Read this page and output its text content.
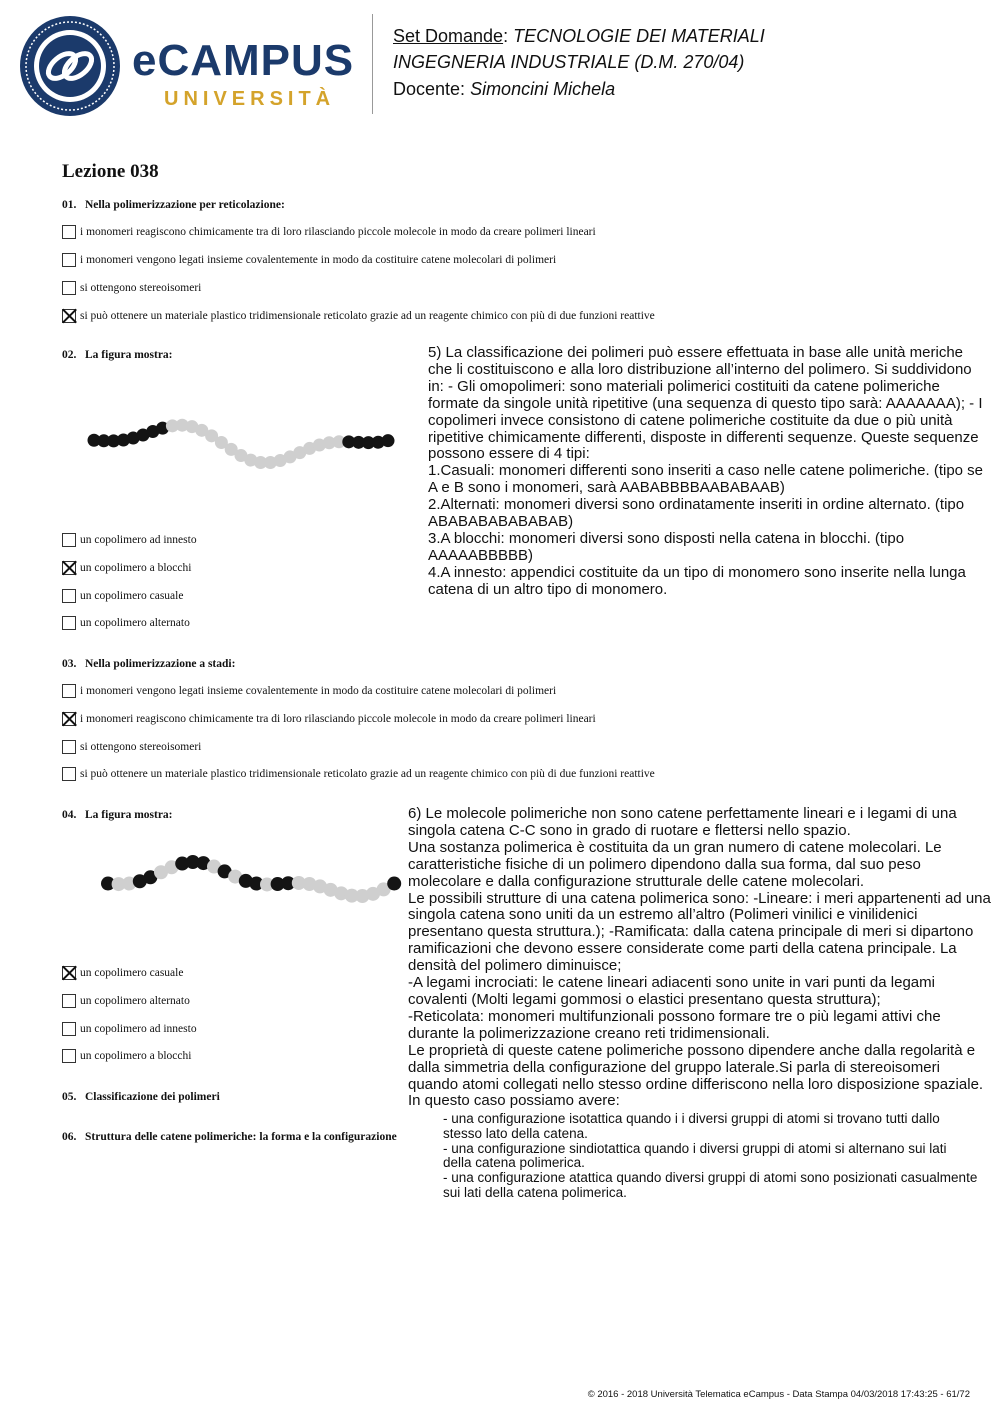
eCAMPUS
UNIVERSITÀ
Set Domande: TECNOLOGIE DEI MATERIALI
INGEGNERIA INDUSTRIALE (D.M. 270/04)
Docente: Simoncini Michela
Lezione 038
01. Nella polimerizzazione per reticolazione:
i monomeri reagiscono chimicamente tra di loro rilasciando piccole molecole in modo da creare polimeri lineari
i monomeri vengono legati insieme covalentemente in modo da costituire catene molecolari di polimeri
si ottengono stereoisomeri
si può ottenere un materiale plastico tridimensionale reticolato grazie ad un reagente chimico con più di due funzioni reattive
02. La figura mostra:
un copolimero ad innesto
un copolimero a blocchi
un copolimero casuale
un copolimero alternato

5) La classificazione dei polimeri può essere effettuata in base alle unità meriche che li costituiscono e alla loro distribuzione all’interno del polimero. Si suddividono in: - Gli omopolimeri: sono materiali polimerici costituiti da catene polimeriche formate da singole unità ripetitive (una sequenza di questo tipo sarà: AAAAAAA); - I copolimeri invece consistono di catene polimeriche costituite da due o più unità ripetitive chimicamente differenti, disposte in differenti sequenze. Queste sequenze possono essere di 4 tipi:

1.Casuali: monomeri differenti sono inseriti a caso nelle catene polimeriche. (tipo se A e B sono i monomeri, sarà AABABBBBAABABAAB)

2.Alternati: monomeri diversi sono ordinatamente inseriti in ordine alternato. (tipo ABABABABABABAB)

3.A blocchi: monomeri diversi sono disposti nella catena in blocchi. (tipo AAAAABBBBB)

4.A innesto: appendici costituite da un tipo di monomero sono inserite nella lunga catena di un altro tipo di monomero.

03. Nella polimerizzazione a stadi:
i monomeri vengono legati insieme covalentemente in modo da costituire catene molecolari di polimeri
i monomeri reagiscono chimicamente tra di loro rilasciando piccole molecole in modo da creare polimeri lineari
si ottengono stereoisomeri
si può ottenere un materiale plastico tridimensionale reticolato grazie ad un reagente chimico con più di due funzioni reattive
04. La figura mostra:
un copolimero casuale
un copolimero alternato
un copolimero ad innesto
un copolimero a blocchi
05. Classificazione dei polimeri
06. Struttura delle catene polimeriche: la forma e la configurazione

6) Le molecole polimeriche non sono catene perfettamente lineari e i legami di una singola catena C-C sono in grado di ruotare e flettersi nello spazio.

Una sostanza polimerica è costituita da un gran numero di catene molecolari. Le caratteristiche fisiche di un polimero dipendono dalla sua forma, dal suo peso molecolare e dalla configurazione strutturale delle catene molecolari.

Le possibili strutture di una catena polimerica sono: -Lineare: i meri appartenenti ad una singola catena sono uniti da un estremo all’altro (Polimeri vinilici e vinilidenici presentano questa struttura.); -Ramificata: dalla catena principale di meri si dipartono ramificazioni che devono essere considerate come parti della catena principale. La densità del polimero diminuisce;

-A legami incrociati: le catene lineari adiacenti sono unite in vari punti da legami covalenti (Molti legami gommosi o elastici presentano questa struttura);

-Reticolata: monomeri multifunzionali possono formare tre o più legami attivi che durante la polimerizzazione creano reti tridimensionali.

Le proprietà di queste catene polimeriche possono dipendere anche dalla regolarità e dalla simmetria della configurazione del gruppo laterale.Si parla di stereoisomeri quando atomi collegati nello stesso ordine differiscono nella loro disposizione spaziale. In questo caso possiamo avere:

- una configurazione isotattica quando i i diversi gruppi di atomi si trovano tutti dallo stesso lato della catena.

- una configurazione sindiotattica quando i diversi gruppi di atomi si alternano sui lati della catena polimerica.

- una configurazione atattica quando diversi gruppi di atomi sono posizionati casualmente sui lati della catena polimerica.

© 2016 - 2018 Università Telematica eCampus - Data Stampa 04/03/2018 17:43:25 - 61/72
